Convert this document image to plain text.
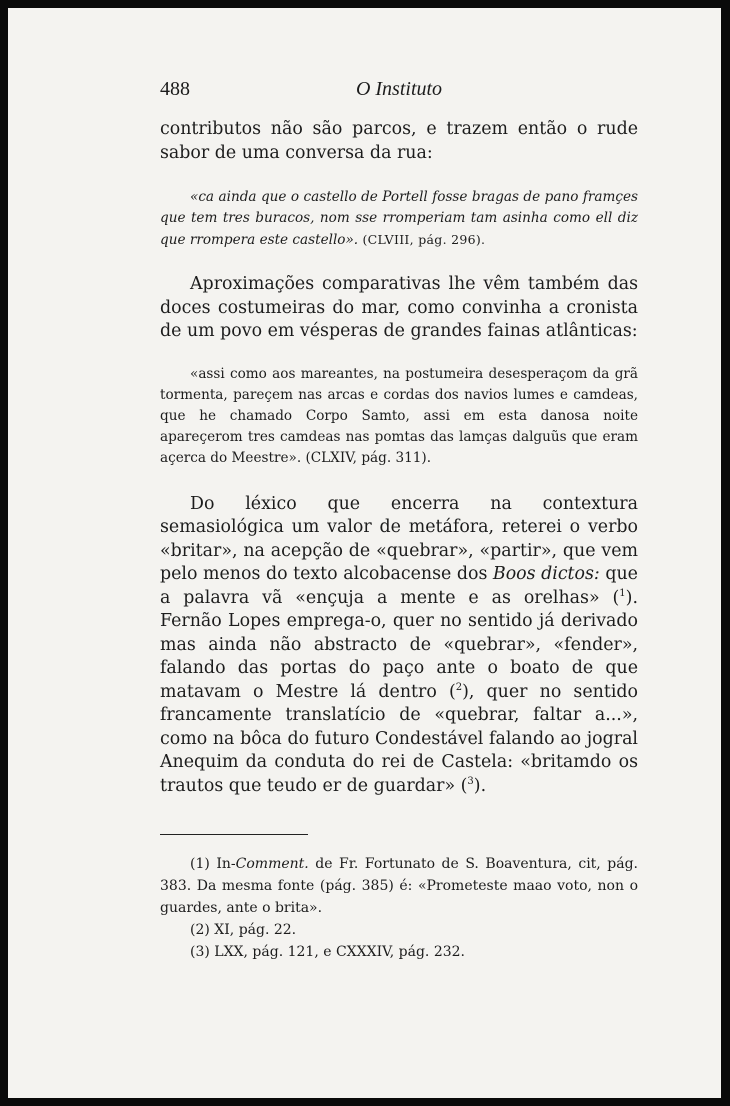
488	O Instituto

contributos não são parcos, e trazem então o rude sabor de uma conversa da rua:

«ca ainda que o castello de Portell fosse bragas de pano framçes que tem tres buracos, nom sse rromperiam tam asinha como ell diz que rrompera este castello». (CLVIII, pág. 296).

Aproximações comparativas lhe vêm também das doces costumeiras do mar, como convinha a cronista de um povo em vésperas de grandes fainas atlânticas:

«assi como aos mareantes, na postumeira desesperaçom da grã tormenta, pareçem nas arcas e cordas dos navios lumes e camdeas, que he chamado Corpo Samto, assi em esta danosa noite apareçerom tres camdeas nas pomtas das lamças dalguũs que eram açerca do Meestre». (CLXIV, pág. 311).

Do léxico que encerra na contextura semasiológica um valor de metáfora, reterei o verbo «britar», na acepção de «quebrar», «partir», que vem pelo menos do texto alcobacense dos Boos dictos: que a palavra vã «ençuja a mente e as orelhas» ($^1$). Fernão Lopes emprega-o, quer no sentido já derivado mas ainda não abstracto de «quebrar», «fender», falando das portas do paço ante o boato de que matavam o Mestre lá dentro ($^2$), quer no sentido francamente translatício de «quebrar, faltar a...», como na bôca do futuro Condestável falando ao jogral Anequim da conduta do rei de Castela: «britamdo os trautos que teudo er de guardar» ($^3$).

(1) In-Comment. de Fr. Fortunato de S. Boaventura, cit, pág. 383. Da mesma fonte (pág. 385) é: «Prometeste maao voto, non o guardes, ante o brita».

(2) XI, pág. 22.

(3) LXX, pág. 121, e CXXXIV, pág. 232.
